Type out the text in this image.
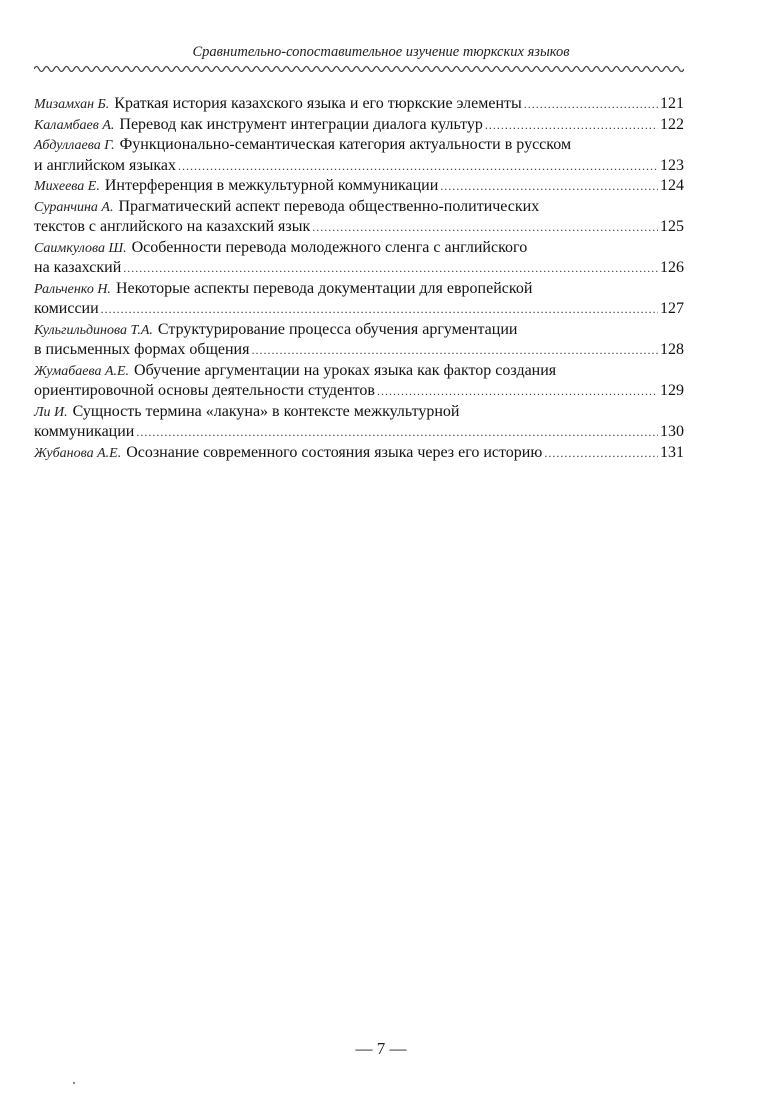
Сравнительно-сопоставительное изучение тюркских языков
Мизамхан Б. Краткая история казахского языка и его тюркские элементы .....	121
Каламбаев А. Перевод как инструмент интеграции диалога культур .....	122
Абдуллаева Г. Функционально-семантическая категория актуальности в русском
и английском языках .....	123
Михеева Е. Интерференция в межкультурной коммуникации .....	124
Суранчина А. Прагматический аспект перевода общественно-политических
текстов с английского на казахский язык .....	125
Саимкулова Ш. Особенности перевода молодежного сленга с английского
на казахский .....	126
Ральченко Н. Некоторые аспекты перевода документации для европейской
комиссии .....	127
Кульгильдинова Т.А. Структурирование процесса обучения аргументации
в письменных формах общения .....	128
Жумабаева А.Е. Обучение аргументации на уроках языка как фактор создания
ориентировочной основы деятельности студентов .....	129
Ли И. Сущность термина «лакуна» в контексте межкультурной
коммуникации .....	130
Жубанова А.Е. Осознание современного состояния языка через его историю .....	131
— 7 —
